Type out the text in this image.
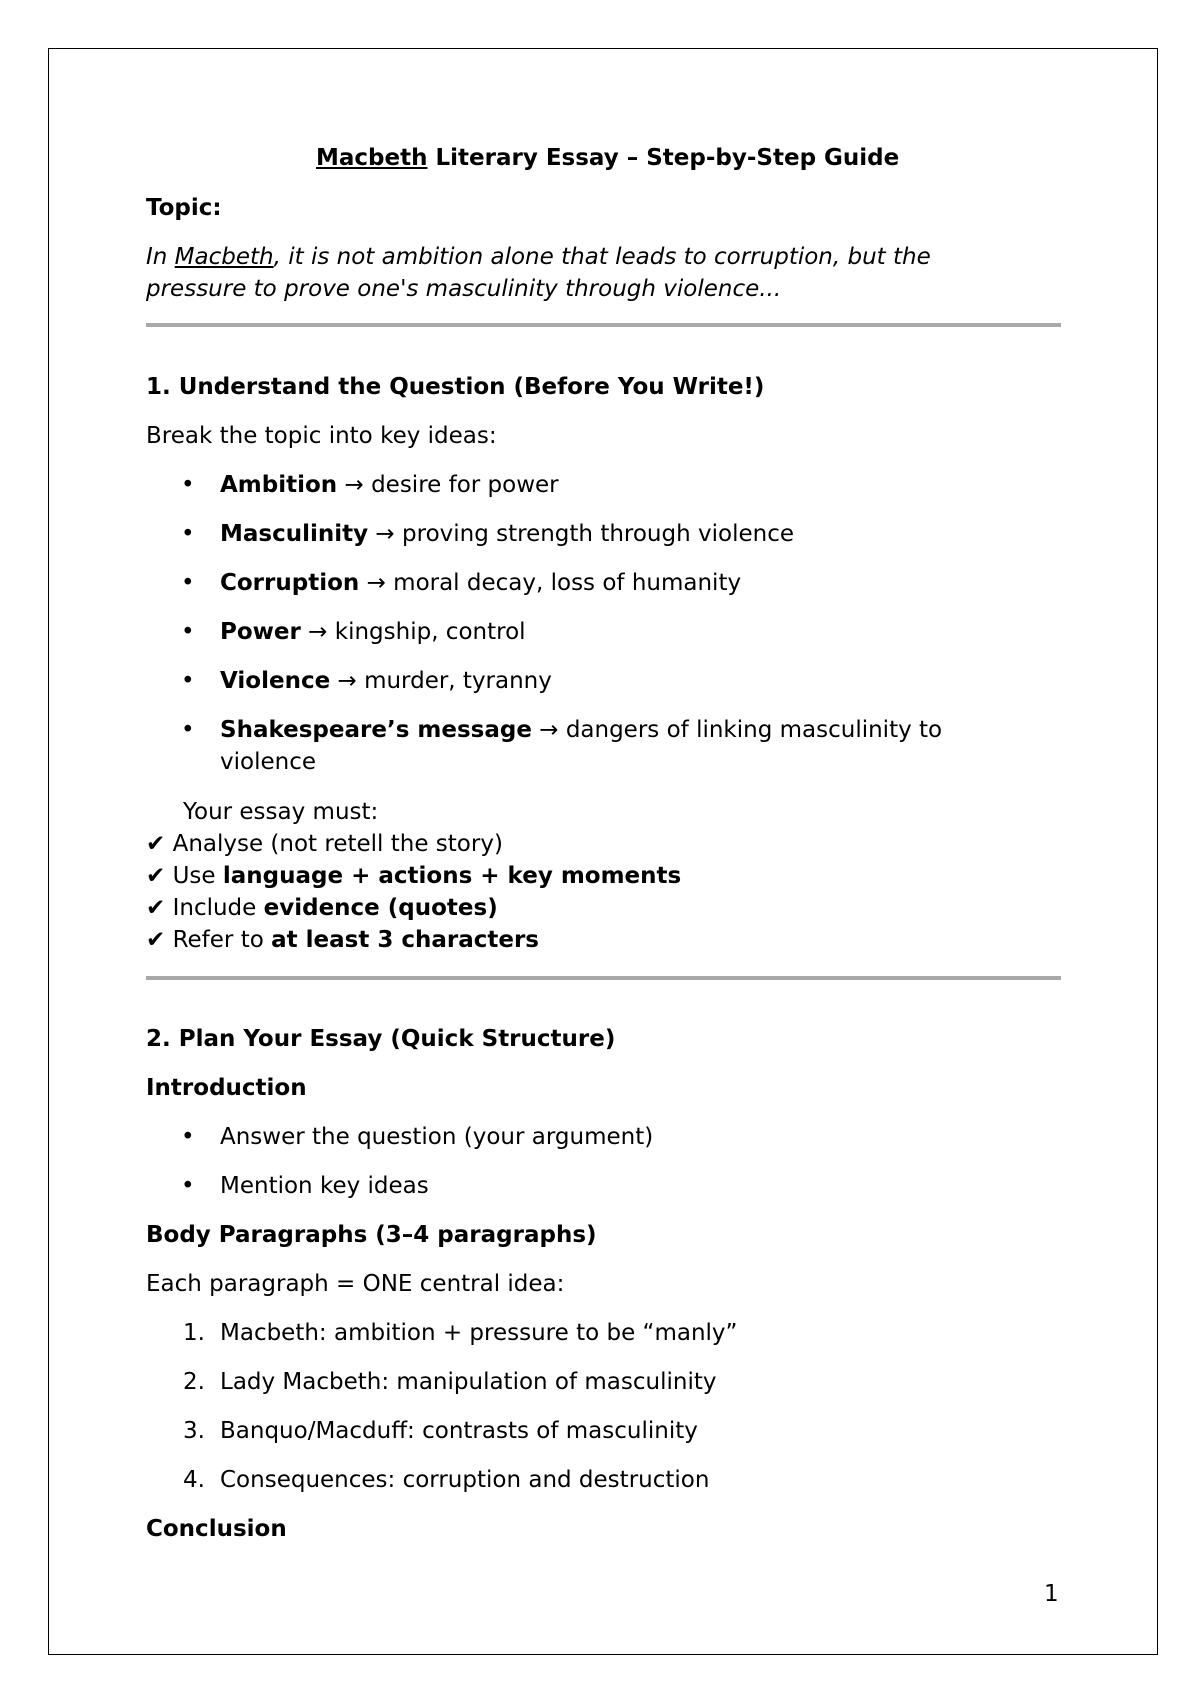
Macbeth Literary Essay – Step-by-Step Guide
Topic:
In Macbeth, it is not ambition alone that leads to corruption, but the
pressure to prove one's masculinity through violence...
1. Understand the Question (Before You Write!)
Break the topic into key ideas:
• Ambition → desire for power
• Masculinity → proving strength through violence
• Corruption → moral decay, loss of humanity
• Power → kingship, control
• Violence → murder, tyranny
• Shakespeare’s message → dangers of linking masculinity to
violence
Your essay must:
✔ Analyse (not retell the story)
✔ Use language + actions + key moments
✔ Include evidence (quotes)
✔ Refer to at least 3 characters
2. Plan Your Essay (Quick Structure)
Introduction
• Answer the question (your argument)
• Mention key ideas
Body Paragraphs (3–4 paragraphs)
Each paragraph = ONE central idea:
1. Macbeth: ambition + pressure to be “manly”
2. Lady Macbeth: manipulation of masculinity
3. Banquo/Macduff: contrasts of masculinity
4. Consequences: corruption and destruction
Conclusion
1
